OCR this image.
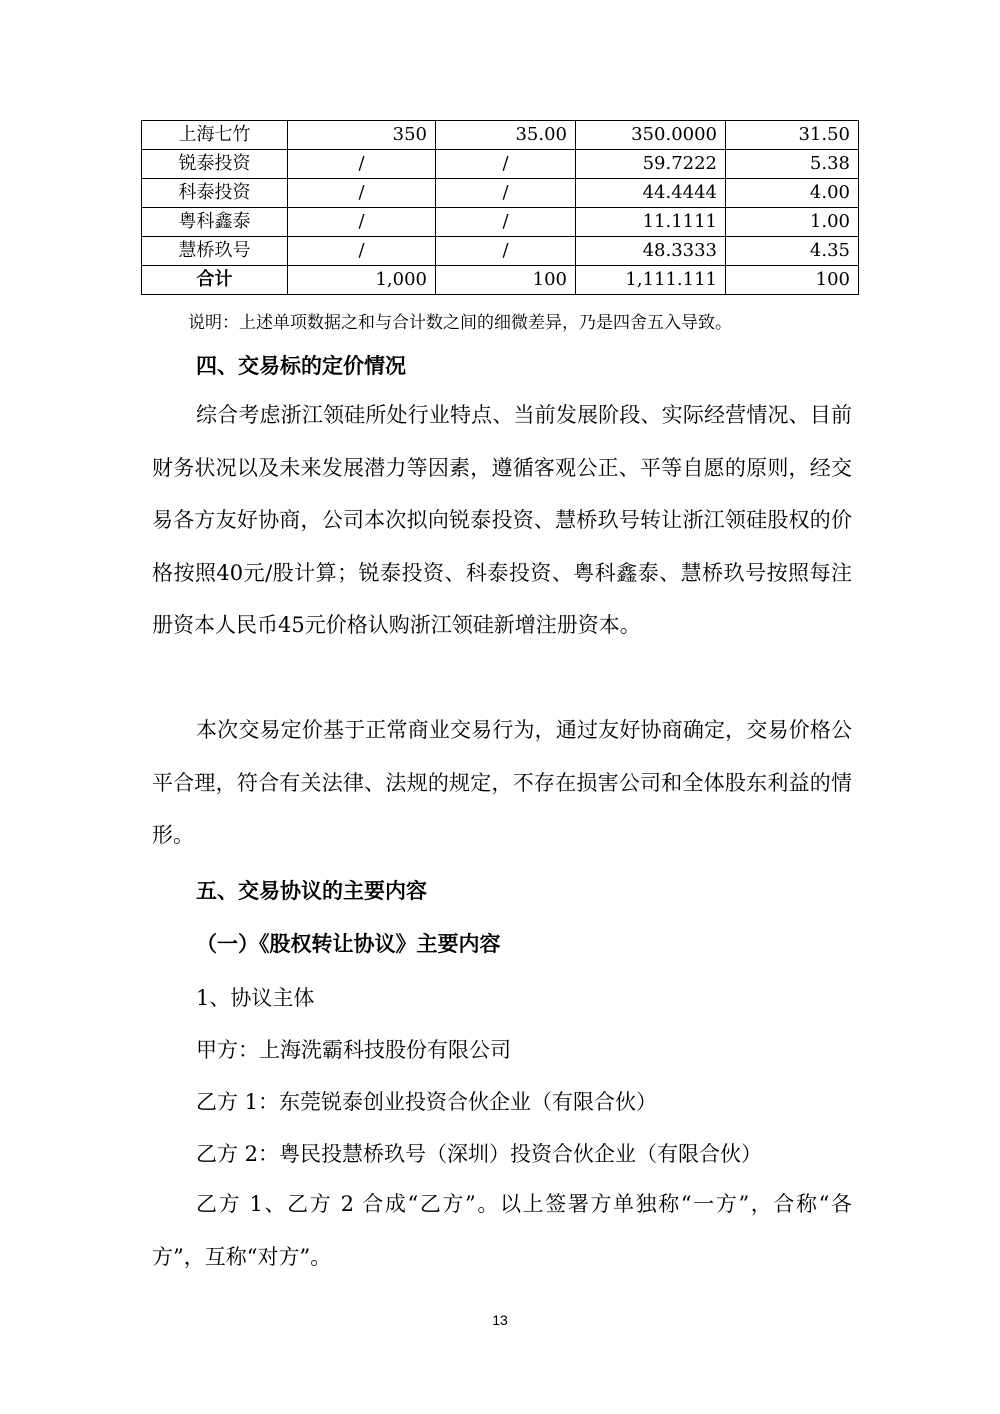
上海七竹	350	35.00	350.0000	31.50
锐泰投资	/	/	59.7222	5.38
科泰投资	/	/	44.4444	4.00
粤科鑫泰	/	/	11.1111	1.00
慧桥玖号	/	/	48.3333	4.35
合计	1,000	100	1,111.111	100
说明：上述单项数据之和与合计数之间的细微差异，乃是四舍五入导致。
四、交易标的定价情况

综合考虑浙江领硅所处行业特点、当前发展阶段、实际经营情况、目前财务状况以及未来发展潜力等因素，遵循客观公正、平等自愿的原则，经交易各方友好协商，公司本次拟向锐泰投资、慧桥玖号转让浙江领硅股权的价格按照40元/股计算；锐泰投资、科泰投资、粤科鑫泰、慧桥玖号按照每注册资本人民币45元价格认购浙江领硅新增注册资本。

本次交易定价基于正常商业交易行为，通过友好协商确定，交易价格公平合理，符合有关法律、法规的规定，不存在损害公司和全体股东利益的情形。

五、交易协议的主要内容
（一）《股权转让协议》主要内容
1、协议主体
甲方：上海洗霸科技股份有限公司
乙方 1：东莞锐泰创业投资合伙企业（有限合伙）
乙方 2：粤民投慧桥玖号（深圳）投资合伙企业（有限合伙）

乙方 1、乙方 2 合成“乙方”。以上签署方单独称“一方”，合称“各方”，互称“对方”。

13
